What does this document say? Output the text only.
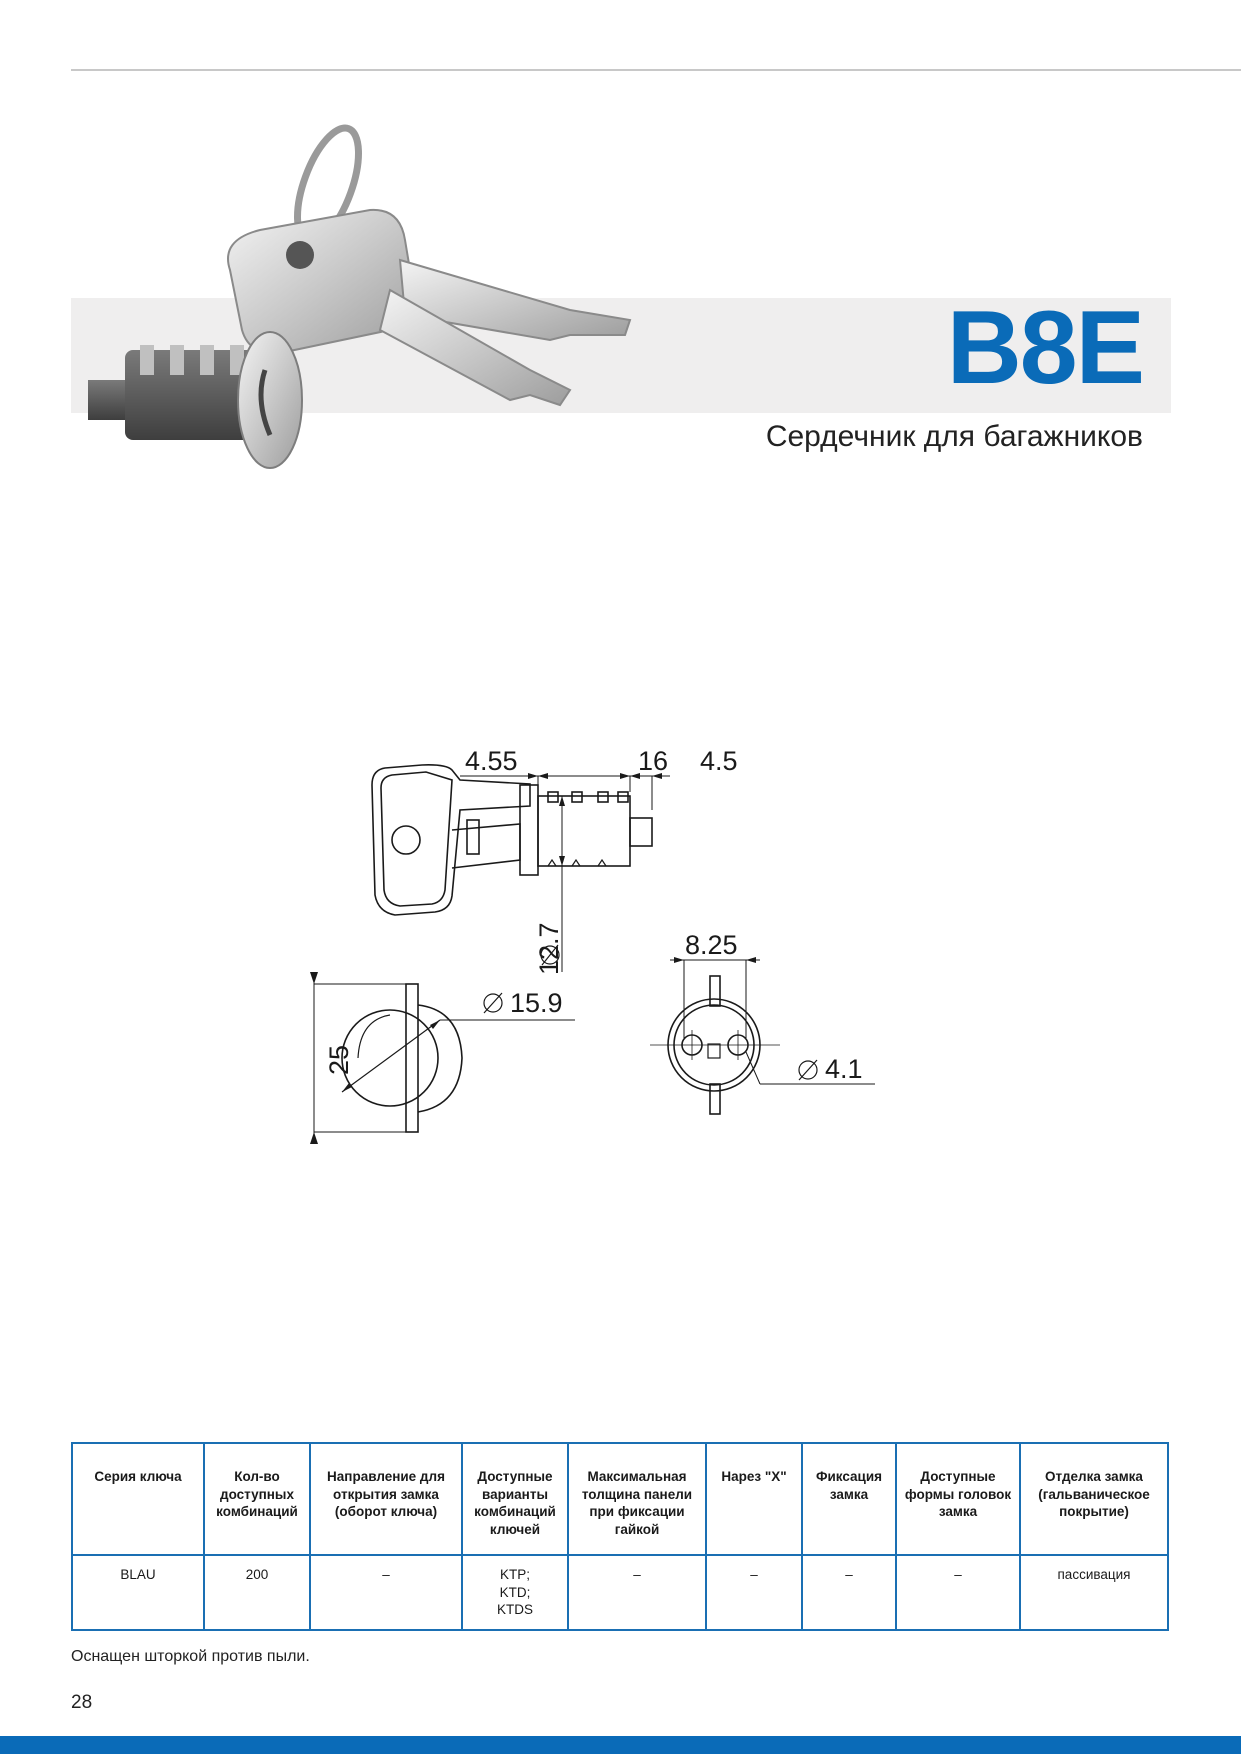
B8E
Сердечник для багажников
4.55	16 4.5
12.7
15.9
25
8.25
4.1
Серия ключа	Кол-во доступных комбинаций	Направление для открытия замка (оборот ключа)	Доступные варианты комбинаций ключей	Максимальная толщина панели при фиксации гайкой	Нарез "X"	Фиксация замка	Доступные формы головок замка	Отделка замка (гальваническое покрытие)
BLAU	200	–	KTP;
KTD;
KTDS	–	–	–	–	пассивация
Оснащен шторкой против пыли.
28
